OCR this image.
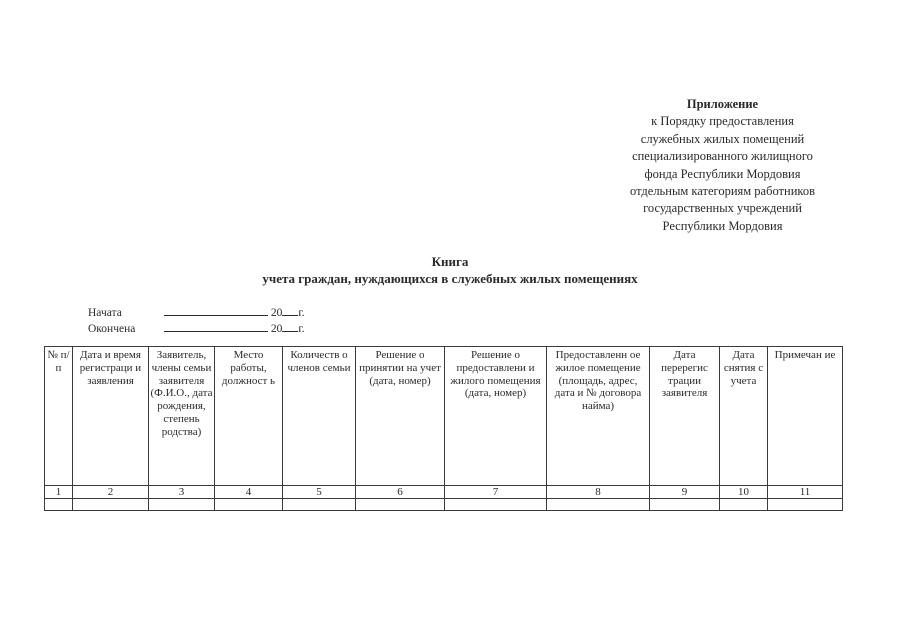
Приложение
к Порядку предоставления
служебных жилых помещений
специализированного жилищного
фонда Республики Мордовия
отдельным категориям работников
государственных учреждений
Республики Мордовия
Книга
учета граждан, нуждающихся в служебных жилых помещениях
Начата	20г.
Окончена	20г.
№ п/п	Дата и время регистраци и заявления	Заявитель, члены семьи заявителя (Ф.И.О., дата рождения, степень родства)	Место работы, должност ь	Количеств о членов семьи	Решение о принятии на учет (дата, номер)	Решение о предоставлени и жилого помещения (дата, номер)	Предоставленн ое жилое помещение (площадь, адрес, дата и № договора найма)	Дата перерегис трации заявителя	Дата снятия с учета	Примечан ие
1	2	3	4	5	6	7	8	9	10	11
